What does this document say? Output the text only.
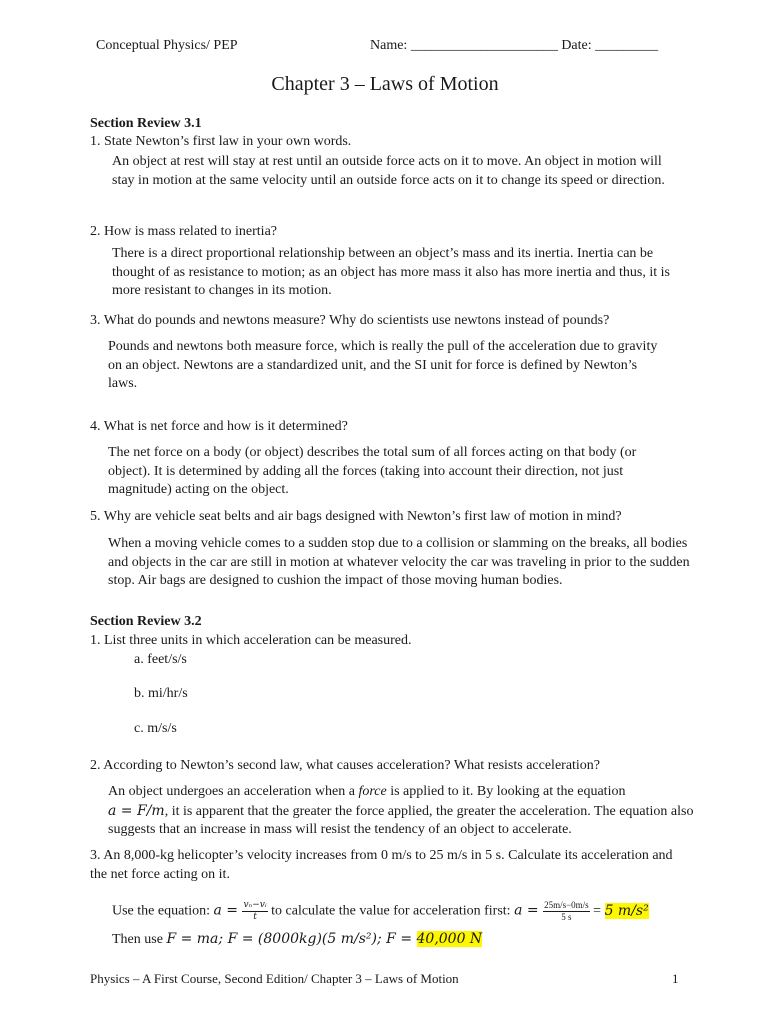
Conceptual Physics/ PEP	Name: _____________________ Date: _________
Chapter 3 – Laws of Motion
Section Review 3.1
1. State Newton’s first law in your own words.
An object at rest will stay at rest until an outside force acts on it to move. An object in motion will stay in motion at the same velocity until an outside force acts on it to change its speed or direction.
2. How is mass related to inertia?
There is a direct proportional relationship between an object’s mass and its inertia. Inertia can be thought of as resistance to motion; as an object has more mass it also has more inertia and thus, it is more resistant to changes in its motion.
3. What do pounds and newtons measure? Why do scientists use newtons instead of pounds?
Pounds and newtons both measure force, which is really the pull of the acceleration due to gravity on an object. Newtons are a standardized unit, and the SI unit for force is defined by Newton’s laws.
4. What is net force and how is it determined?
The net force on a body (or object) describes the total sum of all forces acting on that body (or object). It is determined by adding all the forces (taking into account their direction, not just magnitude) acting on the object.
5. Why are vehicle seat belts and air bags designed with Newton’s first law of motion in mind?
When a moving vehicle comes to a sudden stop due to a collision or slamming on the breaks, all bodies and objects in the car are still in motion at whatever velocity the car was traveling in prior to the sudden stop. Air bags are designed to cushion the impact of those moving human bodies.
Section Review 3.2
1. List three units in which acceleration can be measured.
a. feet/s/s
b. mi/hr/s
c. m/s/s
2. According to Newton’s second law, what causes acceleration? What resists acceleration?
An object undergoes an acceleration when a force is applied to it. By looking at the equation
a = F/m, it is apparent that the greater the force applied, the greater the acceleration. The equation also suggests that an increase in mass will resist the tendency of an object to accelerate.
3. An 8,000-kg helicopter’s velocity increases from 0 m/s to 25 m/s in 5 s. Calculate its acceleration and the net force acting on it.
Use the equation: $a = \frac{\text{vₙ−vᵢ}}{t}$ to calculate the value for acceleration first: $a = \frac{25m/s-0m/s}{5 s} = 5$ m/s²
Then use F = ma; F = (8000kg)(5 m/s²); F = 40,000 N
Physics – A First Course, Second Edition/ Chapter 3 – Laws of Motion	1
